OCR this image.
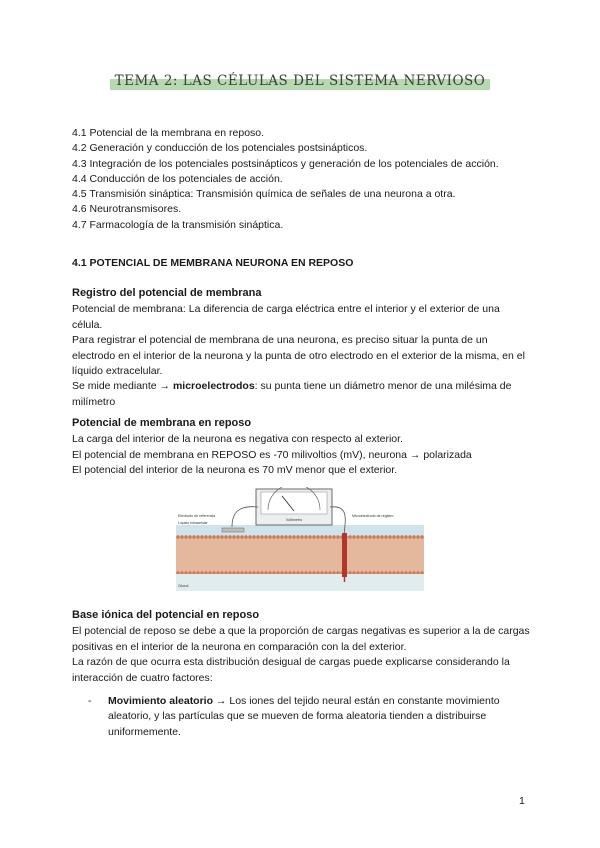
TEMA 2: LAS CÉLULAS DEL SISTEMA NERVIOSO
4.1 Potencial de la membrana en reposo.
4.2 Generación y conducción de los potenciales postsinápticos.
4.3 Integración de los potenciales postsinápticos y generación de los potenciales de acción.
4.4 Conducción de los potenciales de acción.
4.5 Transmisión sináptica: Transmisión química de señales de una neurona a otra.
4.6 Neurotransmisores.
4.7 Farmacología de la transmisión sináptica.
4.1 POTENCIAL DE MEMBRANA NEURONA EN REPOSO
Registro del potencial de membrana

Potencial de membrana: La diferencia de carga eléctrica entre el interior y el exterior de una célula.

Para registrar el potencial de membrana de una neurona, es preciso situar la punta de un electrodo en el interior de la neurona y la punta de otro electrodo en el exterior de la misma, en el líquido extracelular.

Se mide mediante → microelectrodos: su punta tiene un diámetro menor de una milésima de milímetro

Potencial de membrana en reposo

La carga del interior de la neurona es negativa con respecto al exterior.

El potencial de membrana en REPOSO es -70 milivoltios (mV), neurona → polarizada

El potencial del interior de la neurona es 70 mV menor que el exterior.

Voltímetro
Electrodo de referencia
Líquido extracelular
Microelectrodo de registro
Citosol
Base iónica del potencial en reposo

El potencial de reposo se debe a que la proporción de cargas negativas es superior a la de cargas positivas en el interior de la neurona en comparación con la del exterior.

La razón de que ocurra esta distribución desigual de cargas puede explicarse considerando la interacción de cuatro factores:

- Movimiento aleatorio → Los iones del tejido neural están en constante movimiento aleatorio, y las partículas que se mueven de forma aleatoria tienden a distribuirse uniformemente.
1
